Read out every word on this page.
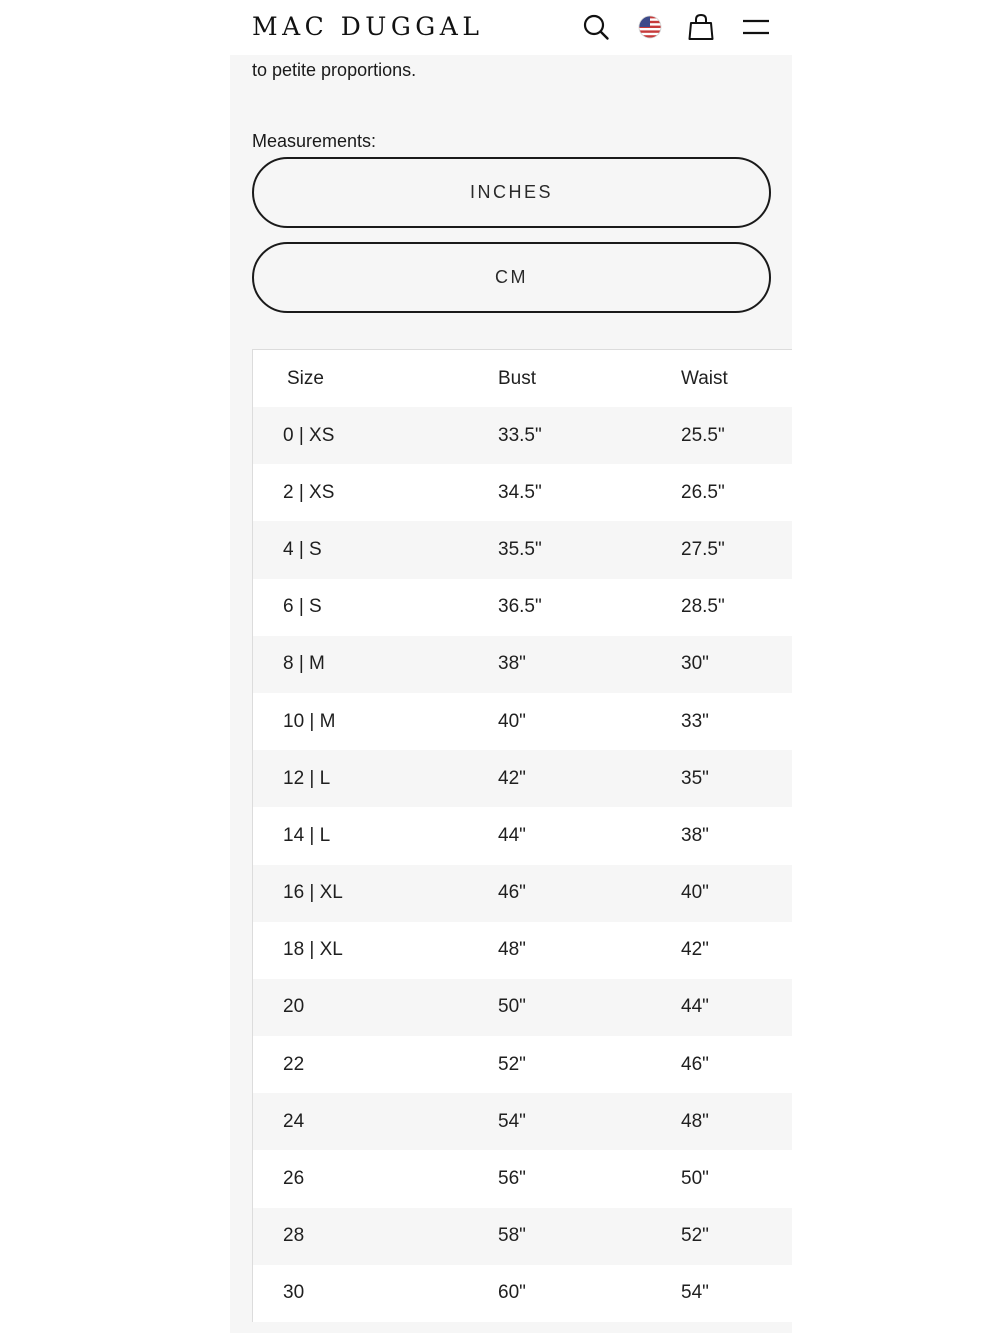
MAC DUGGAL
to petite proportions.
Measurements:
INCHES
CM
Size	Bust	Waist
0 | XS	33.5"	25.5"
2 | XS	34.5"	26.5"
4 | S	35.5"	27.5"
6 | S	36.5"	28.5"
8 | M	38"	30"
10 | M	40"	33"
12 | L	42"	35"
14 | L	44"	38"
16 | XL	46"	40"
18 | XL	48"	42"
20	50"	44"
22	52"	46"
24	54"	48"
26	56"	50"
28	58"	52"
30	60"	54"
